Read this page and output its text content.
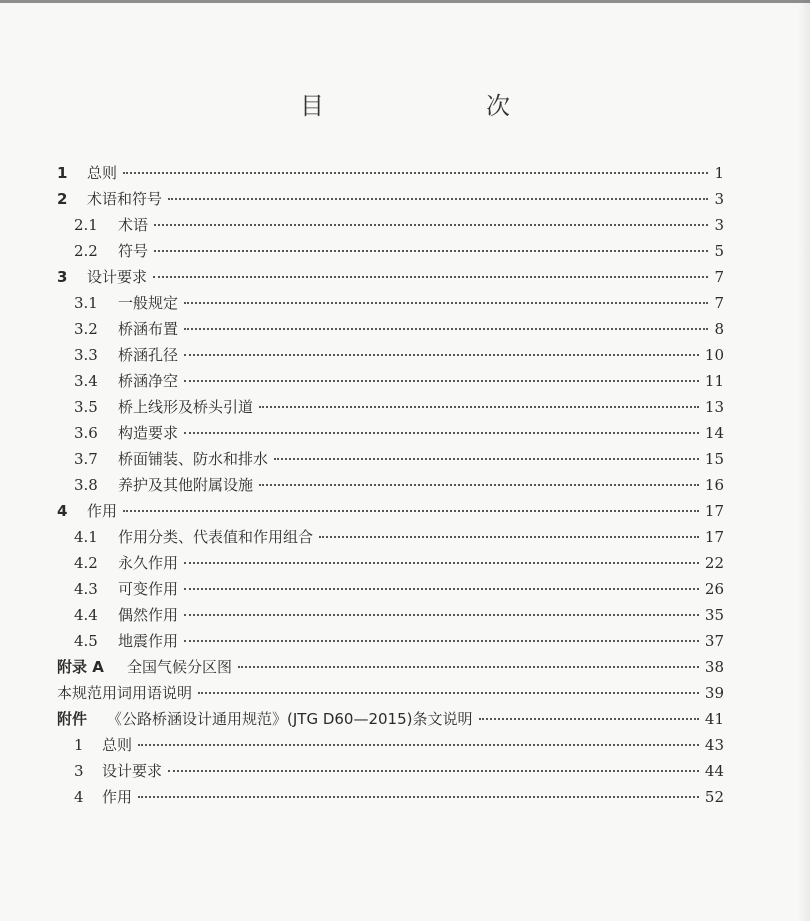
目　　次
1	总则	1
2	术语和符号	3
2.1	术语	3
2.2	符号	5
3	设计要求	7
3.1	一般规定	7
3.2	桥涵布置	8
3.3	桥涵孔径	10
3.4	桥涵净空	11
3.5	桥上线形及桥头引道	13
3.6	构造要求	14
3.7	桥面铺装、防水和排水	15
3.8	养护及其他附属设施	16
4	作用	17
4.1	作用分类、代表值和作用组合	17
4.2	永久作用	22
4.3	可变作用	26
4.4	偶然作用	35
4.5	地震作用	37
附录 A	全国气候分区图	38
本规范用词用语说明	39
附件	《公路桥涵设计通用规范》(JTG D60—2015)条文说明	41
1	总则	43
3	设计要求	44
4	作用	52
